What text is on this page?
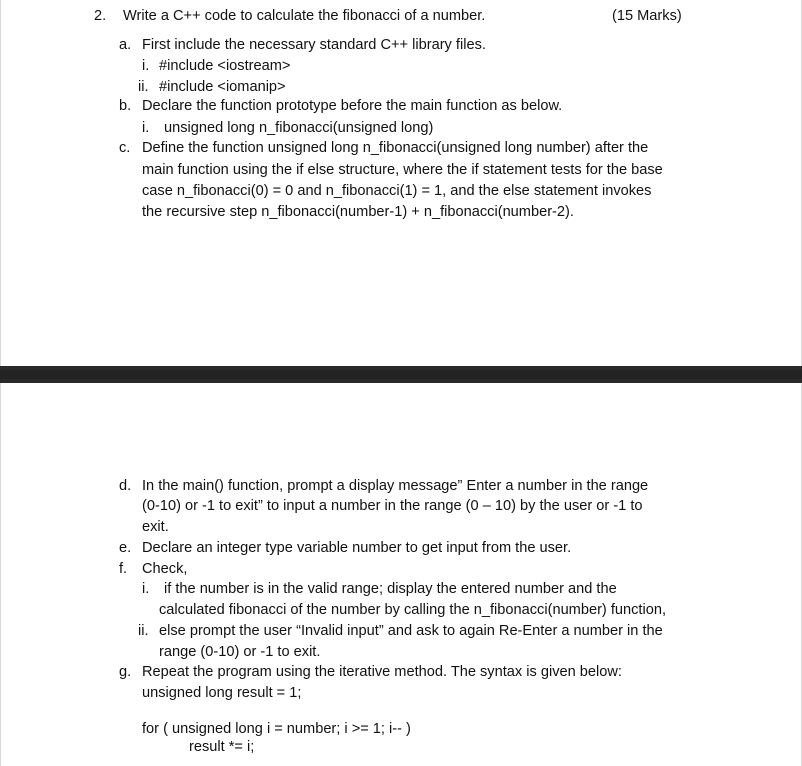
2. Write a C++ code to calculate the fibonacci of a number.	(15 Marks)
a. First include the necessary standard C++ library files.
i. #include <iostream>
ii. #include <iomanip>
b. Declare the function prototype before the main function as below.
i. unsigned long n_fibonacci(unsigned long)
c. Define the function unsigned long n_fibonacci(unsigned long number) after the
main function using the if else structure, where the if statement tests for the base
case n_fibonacci(0) = 0 and n_fibonacci(1) = 1, and the else statement invokes
the recursive step n_fibonacci(number-1) + n_fibonacci(number-2).
d. In the main() function, prompt a display message” Enter a number in the range
(0-10) or -1 to exit” to input a number in the range (0 – 10) by the user or -1 to
exit.
e. Declare an integer type variable number to get input from the user.
f. Check,
i. if the number is in the valid range; display the entered number and the
calculated fibonacci of the number by calling the n_fibonacci(number) function,
ii. else prompt the user “Invalid input” and ask to again Re-Enter a number in the
range (0-10) or -1 to exit.
g. Repeat the program using the iterative method. The syntax is given below:
unsigned long result = 1;
for ( unsigned long i = number; i >= 1; i-- )
result *= i;
